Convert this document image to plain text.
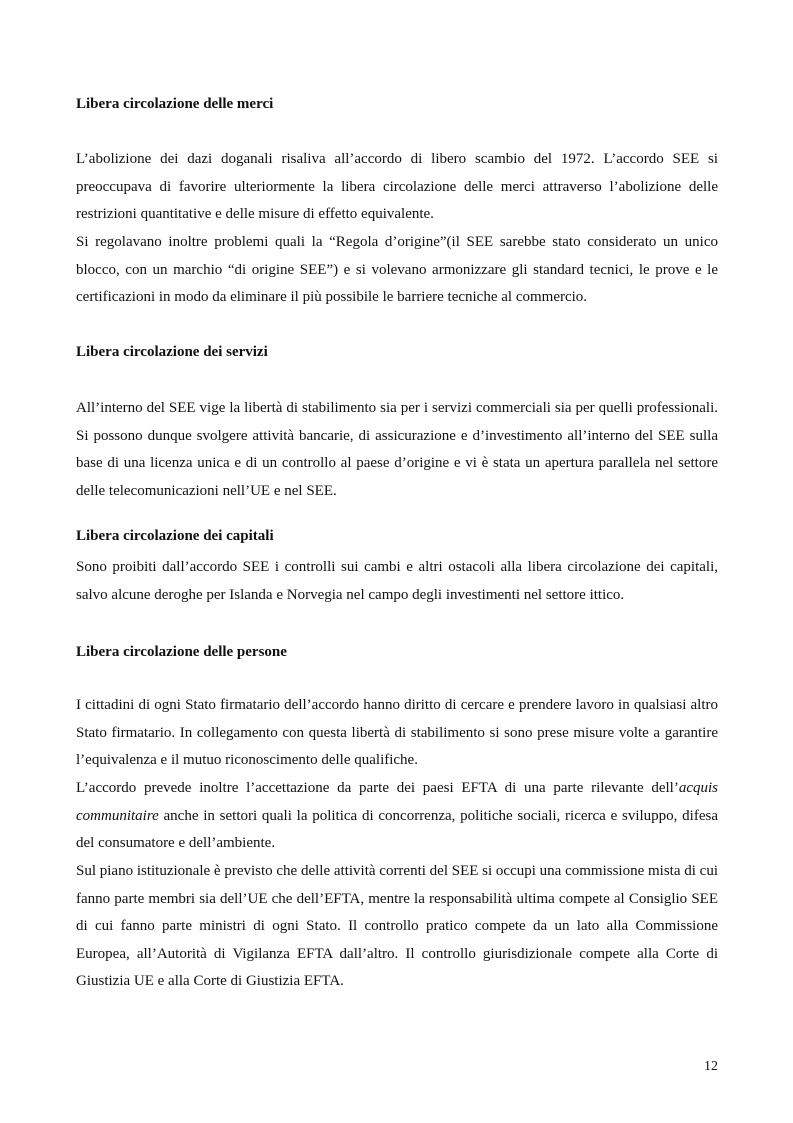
Libera circolazione delle merci

L’abolizione dei dazi doganali risaliva all’accordo di libero scambio del 1972. L’accordo SEE si preoccupava di favorire ulteriormente la libera circolazione delle merci attraverso l’abolizione delle restrizioni quantitative e delle misure di effetto equivalente.

Si regolavano inoltre problemi quali la “Regola d’origine”(il SEE sarebbe stato considerato un unico blocco, con un marchio “di origine SEE”) e si volevano armonizzare gli standard tecnici, le prove e le certificazioni in modo da eliminare il più possibile le barriere tecniche al commercio.

Libera circolazione dei servizi

All’interno del SEE vige la libertà di stabilimento sia per i servizi commerciali sia per quelli professionali. Si possono dunque svolgere attività bancarie, di assicurazione e d’investimento all’interno del SEE sulla base di una licenza unica e di un controllo al paese d’origine e vi è stata un apertura parallela nel settore delle telecomunicazioni nell’UE e nel SEE.

Libera circolazione dei capitali

Sono proibiti dall’accordo SEE i controlli sui cambi e altri ostacoli alla libera circolazione dei capitali, salvo alcune deroghe per Islanda e Norvegia nel campo degli investimenti nel settore ittico.

Libera circolazione delle persone

I cittadini di ogni Stato firmatario dell’accordo hanno diritto di cercare e prendere lavoro in qualsiasi altro Stato firmatario. In collegamento con questa libertà di stabilimento si sono prese misure volte a garantire l’equivalenza e il mutuo riconoscimento delle qualifiche.

L’accordo prevede inoltre l’accettazione da parte dei paesi EFTA di una parte rilevante dell’acquis communitaire anche in settori quali la politica di concorrenza, politiche sociali, ricerca e sviluppo, difesa del consumatore e dell’ambiente.

Sul piano istituzionale è previsto che delle attività correnti del SEE si occupi una commissione mista di cui fanno parte membri sia dell’UE che dell’EFTA, mentre la responsabilità ultima compete al Consiglio SEE di cui fanno parte ministri di ogni Stato. Il controllo pratico compete da un lato alla Commissione Europea, all’Autorità di Vigilanza EFTA dall’altro. Il controllo giurisdizionale compete alla Corte di Giustizia UE e alla Corte di Giustizia EFTA.

12
